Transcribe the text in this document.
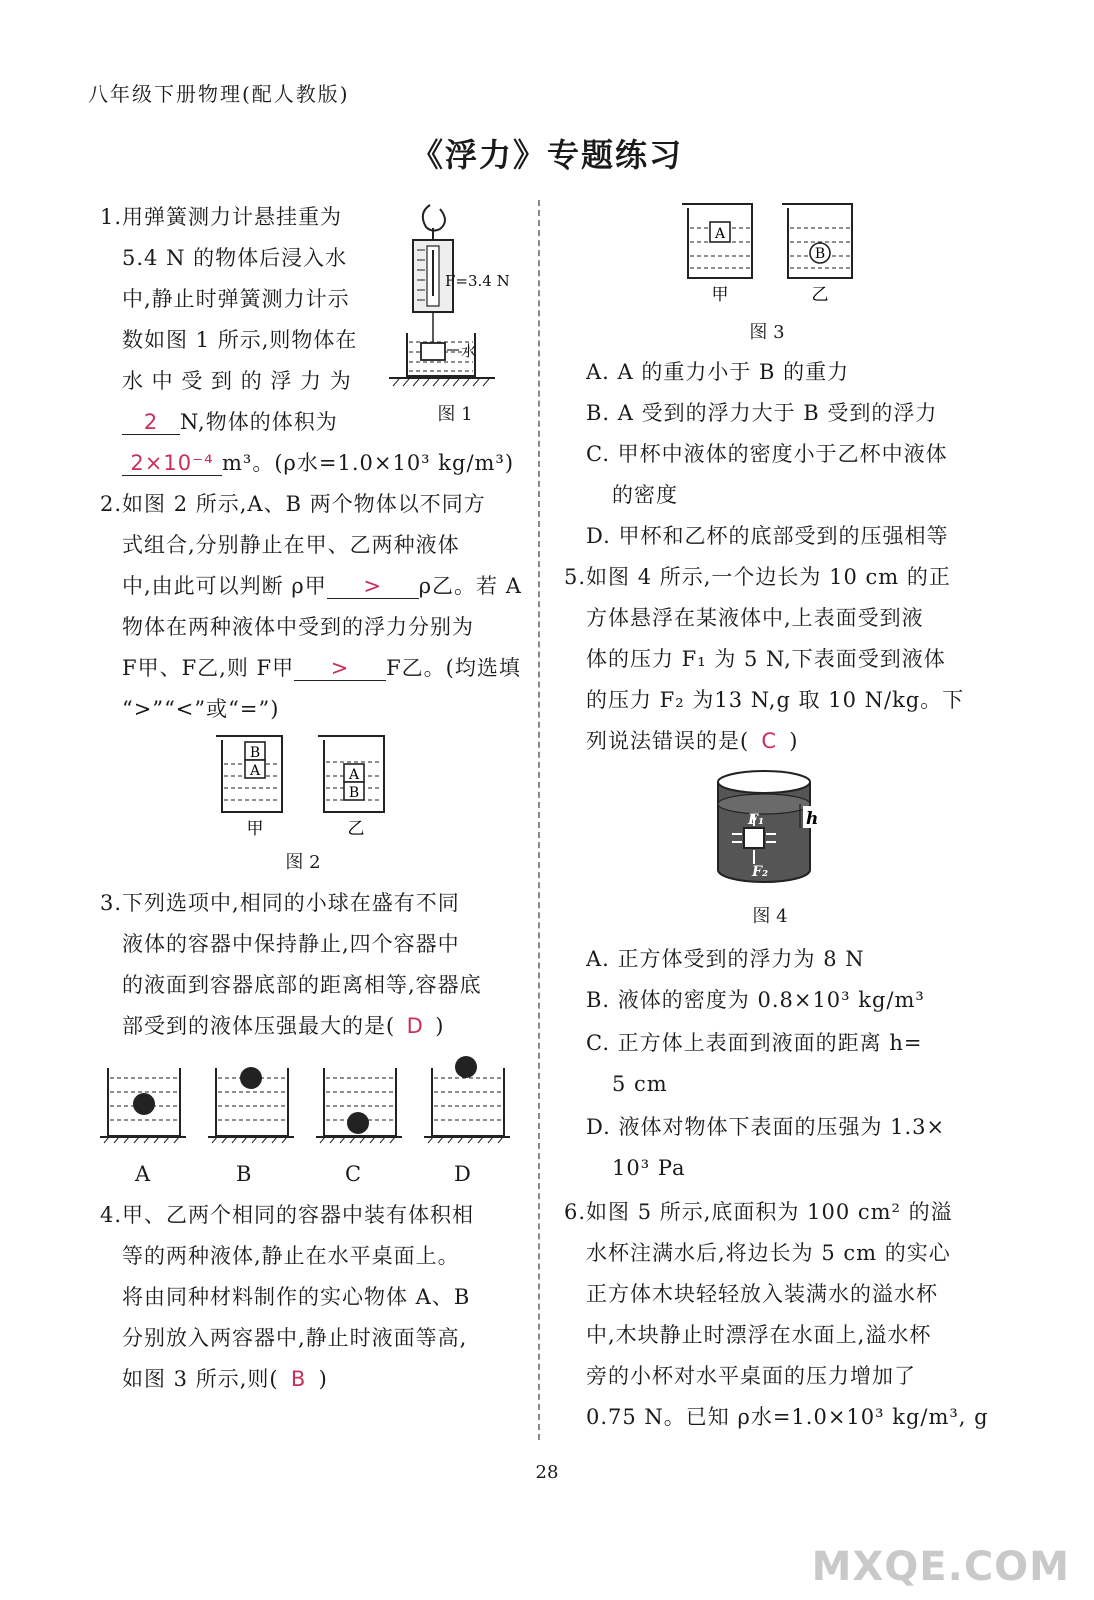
八年级下册物理(配人教版)
《浮力》专题练习
1.用弹簧测力计悬挂重为
5.4 N 的物体后浸入水
中,静止时弹簧测力计示
数如图 1 所示,则物体在
水 中 受 到 的 浮 力 为
2 N,物体的体积为
2×10⁻⁴ m³。(ρ水=1.0×10³ kg/m³)
F=3.4 N
水
图 1
2.如图 2 所示,A、B 两个物体以不同方
式组合,分别静止在甲、乙两种液体
中,由此可以判断 ρ甲 > ρ乙。若 A
物体在两种液体中受到的浮力分别为
F甲、F乙,则 F甲 > F乙。(均选填
“>”“<”或“=”)
B
A	A
B
甲	乙
图 2
3.下列选项中,相同的小球在盛有不同
液体的容器中保持静止,四个容器中
的液面到容器底部的距离相等,容器底
部受到的液体压强最大的是( D )
A	B	C	D
4.甲、乙两个相同的容器中装有体积相
等的两种液体,静止在水平桌面上。
将由同种材料制作的实心物体 A、B
分别放入两容器中,静止时液面等高,
如图 3 所示,则( B )
A
B
甲	乙
图 3
A. A 的重力小于 B 的重力
B. A 受到的浮力大于 B 受到的浮力
C. 甲杯中液体的密度小于乙杯中液体
的密度
D. 甲杯和乙杯的底部受到的压强相等
5.如图 4 所示,一个边长为 10 cm 的正
方体悬浮在某液体中,上表面受到液
体的压力 F₁ 为 5 N,下表面受到液体
的压力 F₂ 为13 N,g 取 10 N/kg。下
列说法错误的是( C )
F₁
F₂
h
图 4
A. 正方体受到的浮力为 8 N
B. 液体的密度为 0.8×10³ kg/m³
C. 正方体上表面到液面的距离 h=
5 cm
D. 液体对物体下表面的压强为 1.3×
10³ Pa
6.如图 5 所示,底面积为 100 cm² 的溢
水杯注满水后,将边长为 5 cm 的实心
正方体木块轻轻放入装满水的溢水杯
中,木块静止时漂浮在水面上,溢水杯
旁的小杯对水平桌面的压力增加了
0.75 N。已知 ρ水=1.0×10³ kg/m³, g
28
MXQE.COM
